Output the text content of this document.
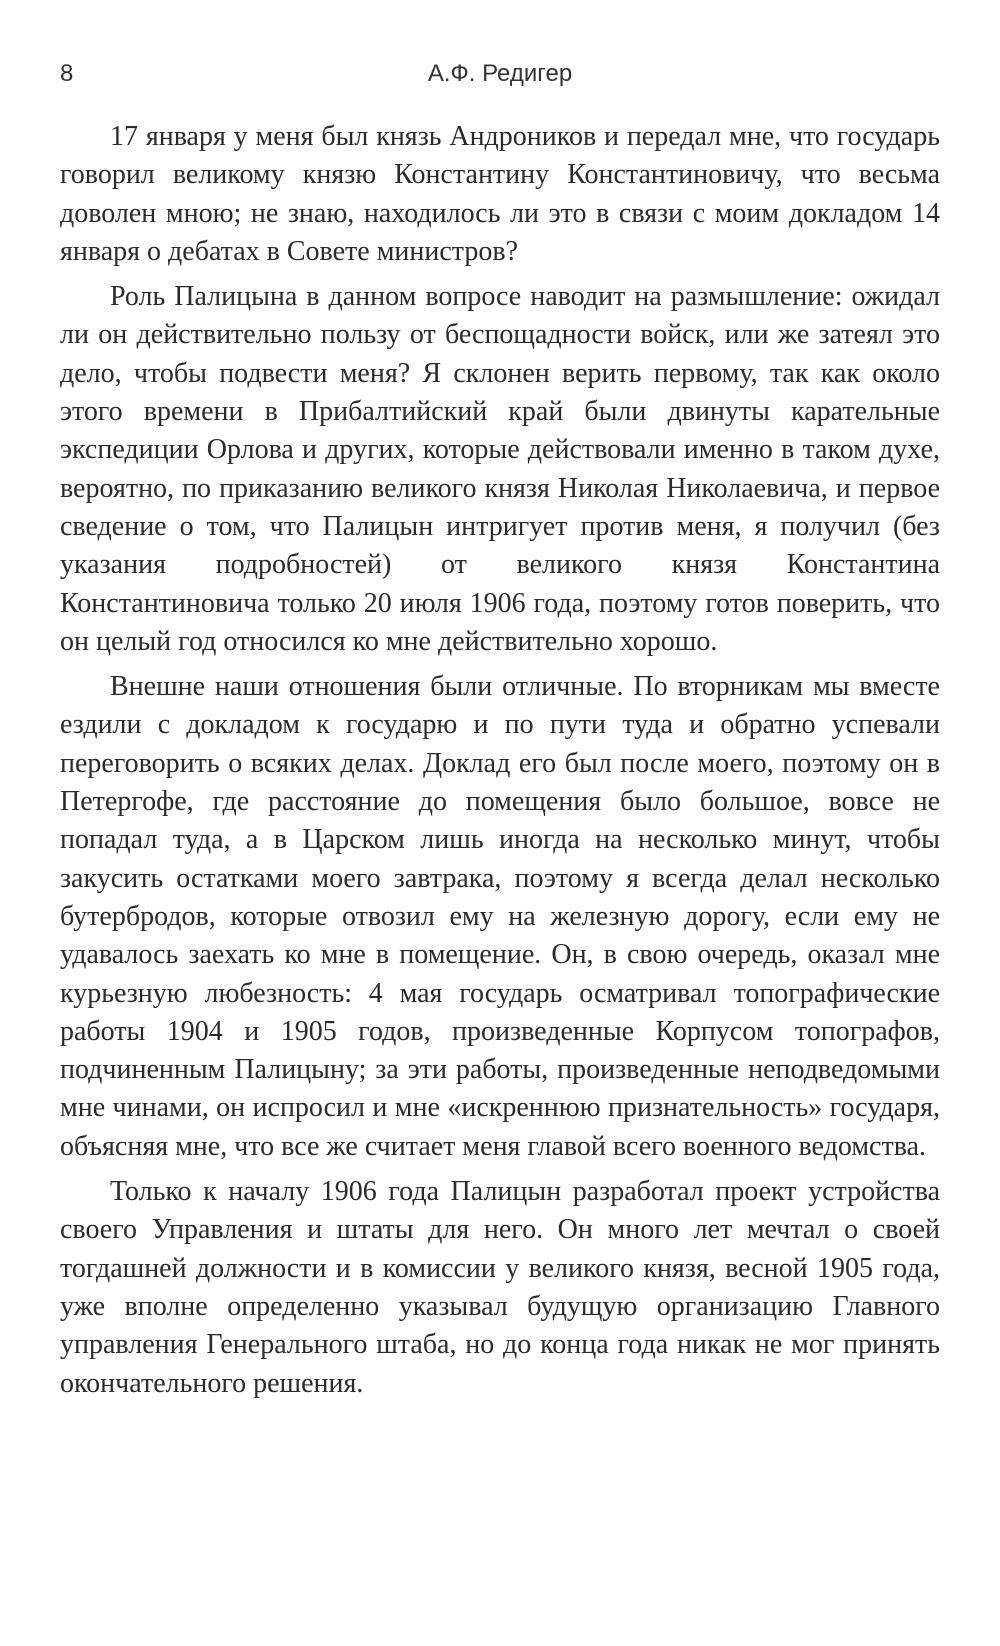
8	А.Ф. Редигер

17 января у меня был князь Андроников и передал мне, что государь говорил великому князю Константину Константиновичу, что весьма доволен мною; не знаю, находилось ли это в связи с моим докладом 14 января о дебатах в Совете министров?

Роль Палицына в данном вопросе наводит на размышление: ожидал ли он действительно пользу от беспощадности войск, или же затеял это дело, чтобы подвести меня? Я склонен верить первому, так как около этого времени в Прибалтийский край были двинуты карательные экспедиции Орлова и других, которые действовали именно в таком духе, вероятно, по приказанию великого князя Николая Николаевича, и первое сведение о том, что Палицын интригует против меня, я получил (без указания подробностей) от великого князя Константина Константиновича только 20 июля 1906 года, поэтому готов поверить, что он целый год относился ко мне действительно хорошо.

Внешне наши отношения были отличные. По вторникам мы вместе ездили с докладом к государю и по пути туда и обратно успевали переговорить о всяких делах. Доклад его был после моего, поэтому он в Петергофе, где расстояние до помещения было большое, вовсе не попадал туда, а в Царском лишь иногда на несколько минут, чтобы закусить остатками моего завтрака, поэтому я всегда делал несколько бутербродов, которые отвозил ему на железную дорогу, если ему не удавалось заехать ко мне в помещение. Он, в свою очередь, оказал мне курьезную любезность: 4 мая государь осматривал топографические работы 1904 и 1905 годов, произведенные Корпусом топографов, подчиненным Палицыну; за эти работы, произведенные неподведомыми мне чинами, он испросил и мне «искреннюю признательность» государя, объясняя мне, что все же считает меня главой всего военного ведомства.

Только к началу 1906 года Палицын разработал проект устройства своего Управления и штаты для него. Он много лет мечтал о своей тогдашней должности и в комиссии у великого князя, весной 1905 года, уже вполне определенно указывал будущую организацию Главного управления Генерального штаба, но до конца года никак не мог принять окончательного решения.
